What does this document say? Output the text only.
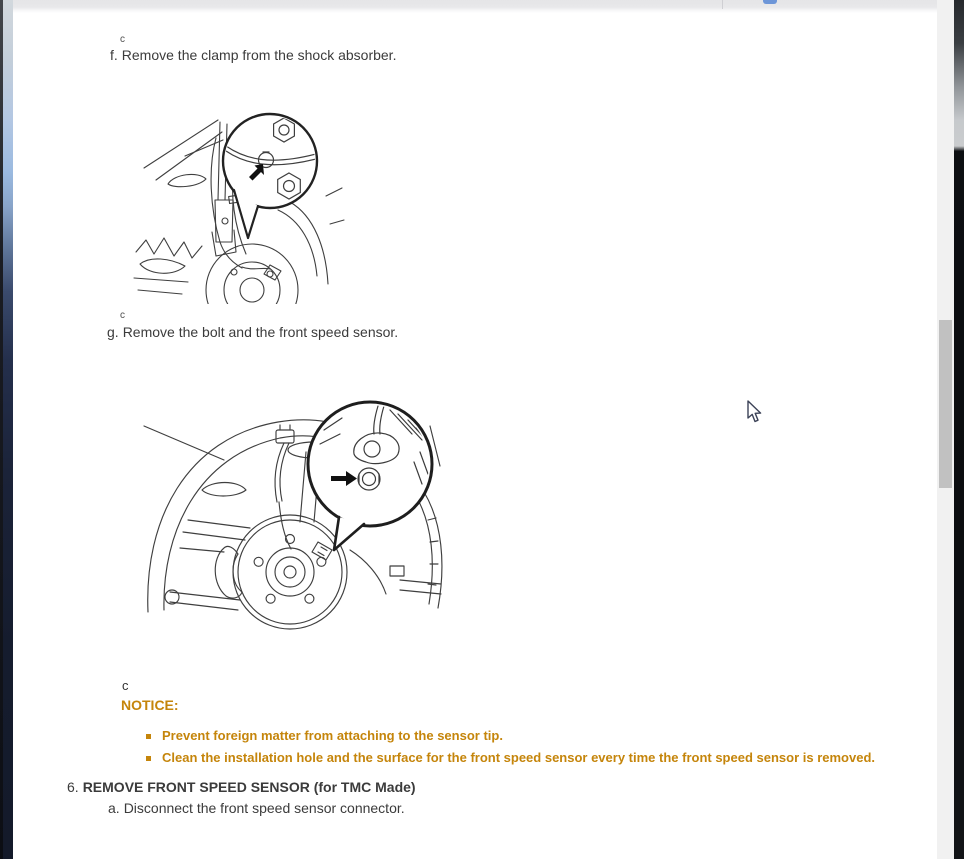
c
f. Remove the clamp from the shock absorber.
c
g. Remove the bolt and the front speed sensor.
c
NOTICE:
Prevent foreign matter from attaching to the sensor tip.
Clean the installation hole and the surface for the front speed sensor every time the front speed sensor is removed.
6. REMOVE FRONT SPEED SENSOR (for TMC Made)
a. Disconnect the front speed sensor connector.
